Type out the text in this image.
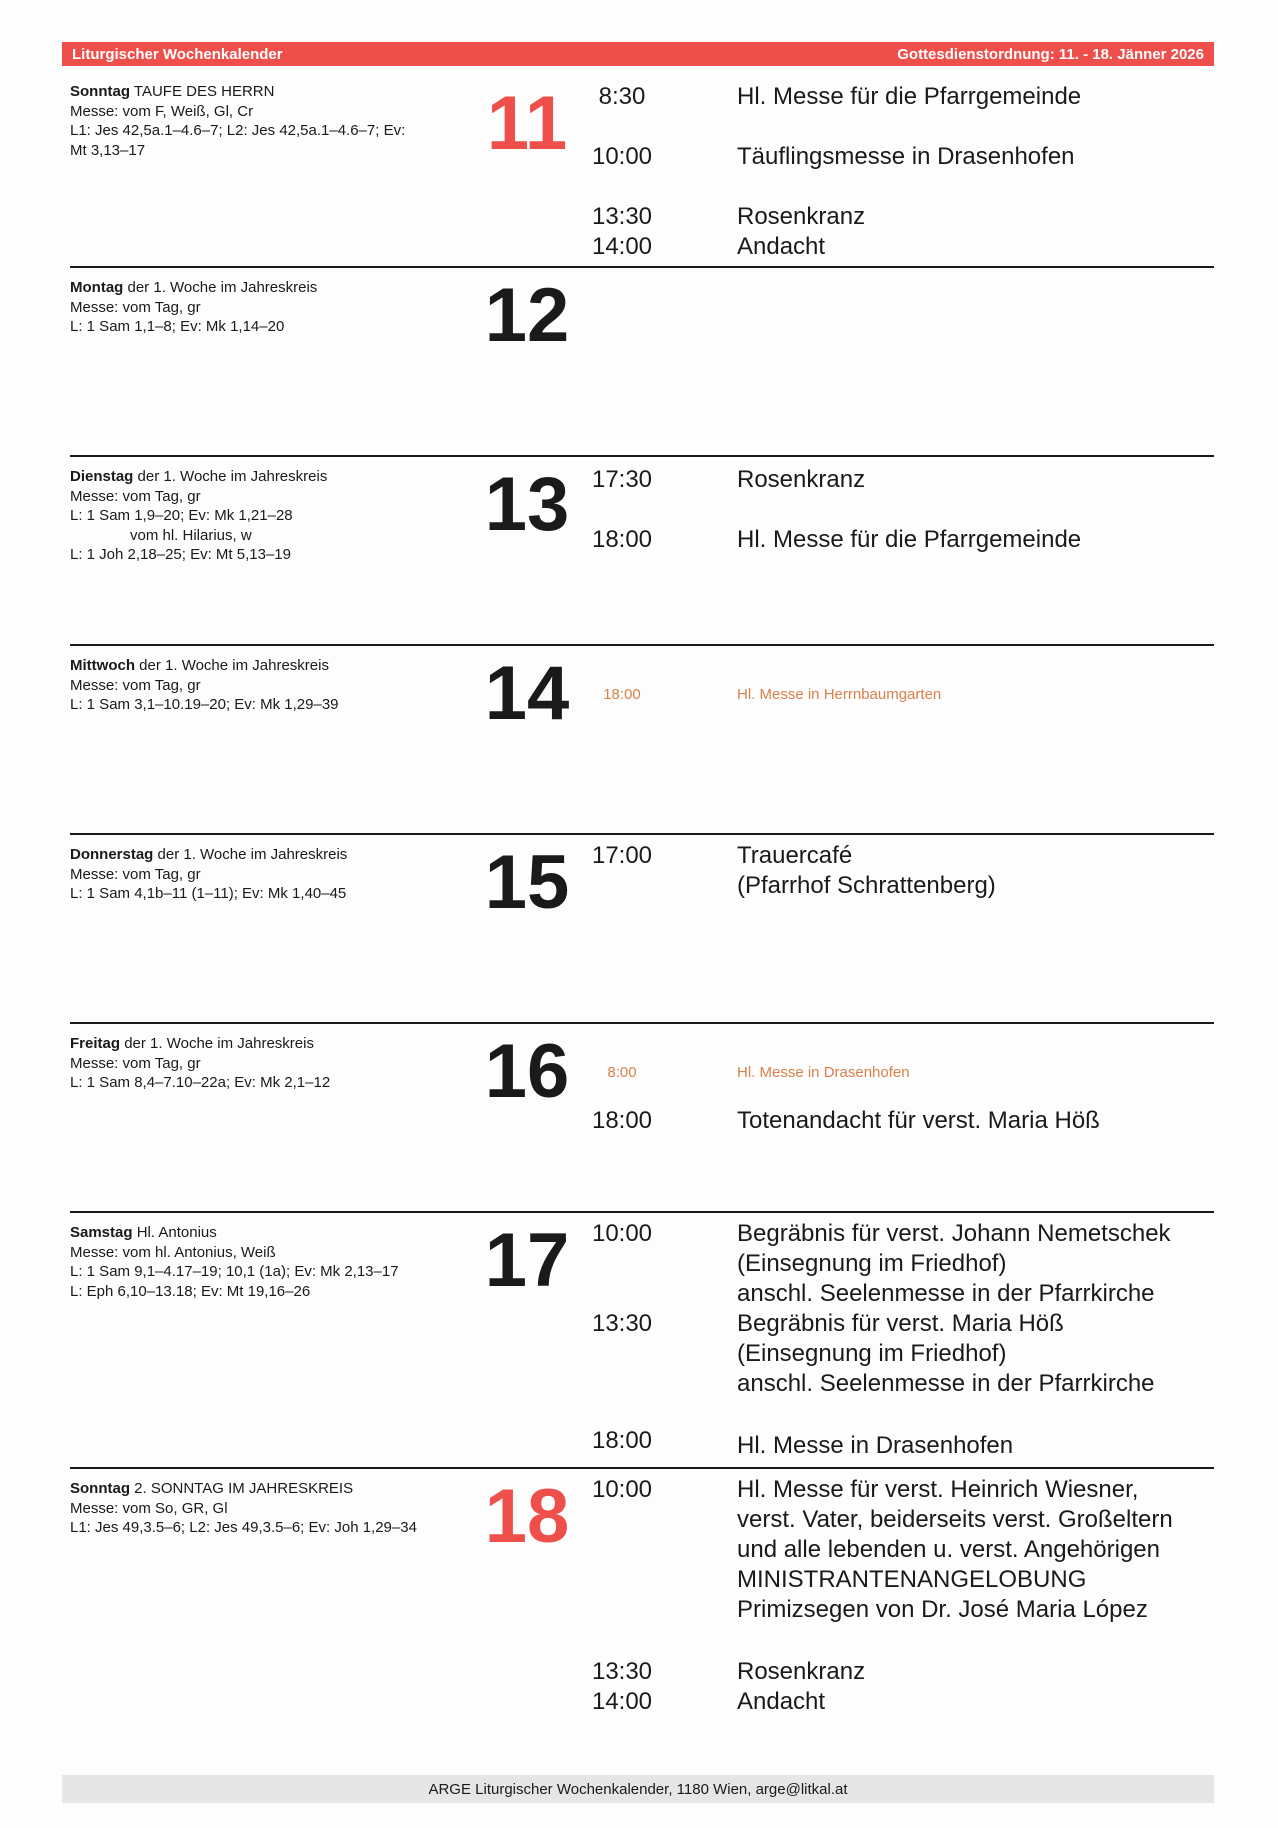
Liturgischer Wochenkalender	Gottesdienstordnung: 11. - 18. Jänner 2026
Sonntag TAUFE DES HERRN
Messe: vom F, Weiß, Gl, Cr
L1: Jes 42,5a.1–4.6–7; L2: Jes 42,5a.1–4.6–7; Ev:
Mt 3,13–17	11	8:30	Hl. Messe für die Pfarrgemeinde
10:00	Täuflingsmesse in Drasenhofen
13:30	Rosenkranz
14:00	Andacht
Montag der 1. Woche im Jahreskreis
Messe: vom Tag, gr
L: 1 Sam 1,1–8; Ev: Mk 1,14–20	12
Dienstag der 1. Woche im Jahreskreis
Messe: vom Tag, gr
L: 1 Sam 1,9–20; Ev: Mk 1,21–28
vom hl. Hilarius, w
L: 1 Joh 2,18–25; Ev: Mt 5,13–19
13 17:30	Rosenkranz
18:00	Hl. Messe für die Pfarrgemeinde
Mittwoch der 1. Woche im Jahreskreis
Messe: vom Tag, gr
L: 1 Sam 3,1–10.19–20; Ev: Mk 1,29–39	14	18:00	Hl. Messe in Herrnbaumgarten
Donnerstag der 1. Woche im Jahreskreis
Messe: vom Tag, gr
L: 1 Sam 4,1b–11 (1–11); Ev: Mk 1,40–45	15 17:00	Trauercafé
(Pfarrhof Schrattenberg)
Freitag der 1. Woche im Jahreskreis
Messe: vom Tag, gr
L: 1 Sam 8,4–7.10–22a; Ev: Mk 2,1–12	16	8:00	Hl. Messe in Drasenhofen
18:00	Totenandacht für verst. Maria Höß
Samstag Hl. Antonius
Messe: vom hl. Antonius, Weiß
L: 1 Sam 9,1–4.17–19; 10,1 (1a); Ev: Mk 2,13–17
L: Eph 6,10–13.18; Ev: Mt 19,16–26	17 10:00	Begräbnis für verst. Johann Nemetschek
(Einsegnung im Friedhof)
anschl. Seelenmesse in der Pfarrkirche
13:30	Begräbnis für verst. Maria Höß
(Einsegnung im Friedhof)
anschl. Seelenmesse in der Pfarrkirche
18:00	Hl. Messe in Drasenhofen
Sonntag 2. SONNTAG IM JAHRESKREIS
Messe: vom So, GR, Gl
L1: Jes 49,3.5–6; L2: Jes 49,3.5–6; Ev: Joh 1,29–34 18 10:00	Hl. Messe für verst. Heinrich Wiesner,
verst. Vater, beiderseits verst. Großeltern
und alle lebenden u. verst. Angehörigen
MINISTRANTENANGELOBUNG
Primizsegen von Dr. José Maria López
13:30	Rosenkranz
14:00	Andacht
ARGE Liturgischer Wochenkalender, 1180 Wien, arge@litkal.at
